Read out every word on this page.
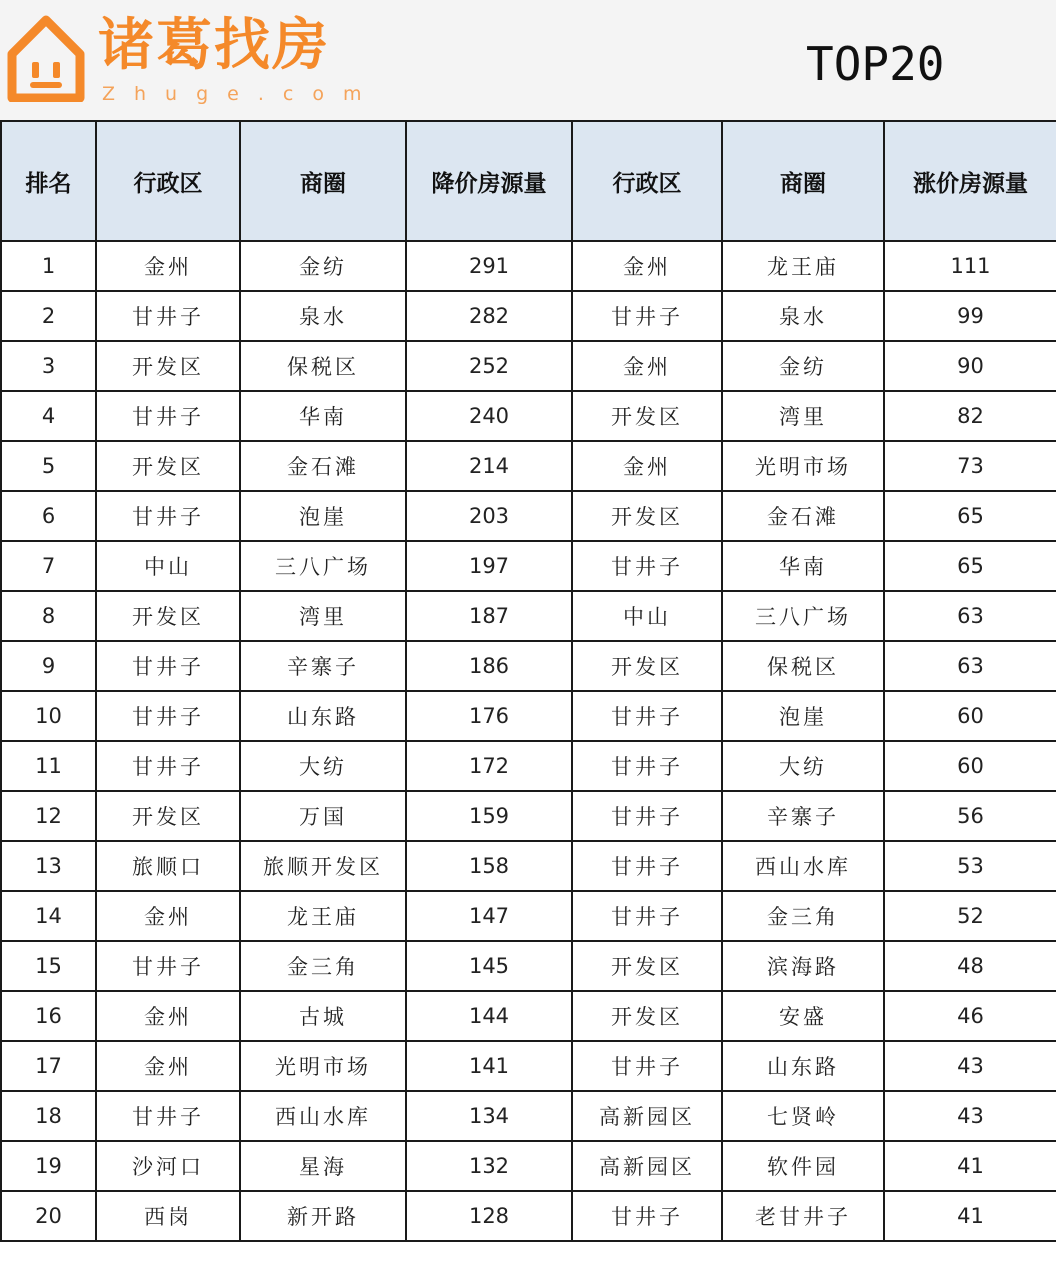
诸葛找房
Zhuge.com
TOP20
排名	行政区	商圈	降价房源量	行政区	商圈	涨价房源量
1	金州	金纺	291	金州	龙王庙	111
2	甘井子	泉水	282	甘井子	泉水	99
3	开发区	保税区	252	金州	金纺	90
4	甘井子	华南	240	开发区	湾里	82
5	开发区	金石滩	214	金州	光明市场	73
6	甘井子	泡崖	203	开发区	金石滩	65
7	中山	三八广场	197	甘井子	华南	65
8	开发区	湾里	187	中山	三八广场	63
9	甘井子	辛寨子	186	开发区	保税区	63
10	甘井子	山东路	176	甘井子	泡崖	60
11	甘井子	大纺	172	甘井子	大纺	60
12	开发区	万国	159	甘井子	辛寨子	56
13	旅顺口	旅顺开发区	158	甘井子	西山水库	53
14	金州	龙王庙	147	甘井子	金三角	52
15	甘井子	金三角	145	开发区	滨海路	48
16	金州	古城	144	开发区	安盛	46
17	金州	光明市场	141	甘井子	山东路	43
18	甘井子	西山水库	134	高新园区	七贤岭	43
19	沙河口	星海	132	高新园区	软件园	41
20	西岗	新开路	128	甘井子	老甘井子	41
